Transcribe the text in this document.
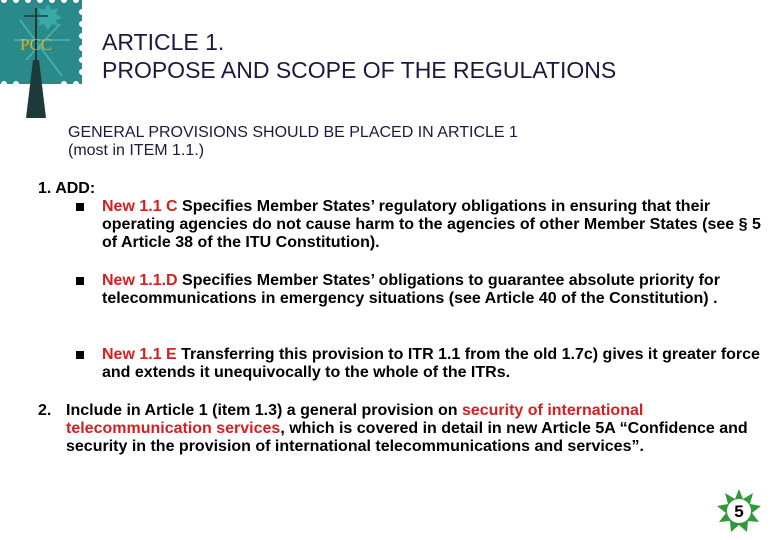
PCC ARTICLE 1.
PROPOSE AND SCOPE OF THE REGULATIONS
GENERAL PROVISIONS SHOULD BE PLACED IN ARTICLE 1
(most in ITEM 1.1.)
1. ADD:
New 1.1 C Specifies Member States’ regulatory obligations in ensuring that their operating agencies do not cause harm to the agencies of other Member States (see § 5 of Article 38 of the ITU Constitution).
New 1.1.D Specifies Member States’ obligations to guarantee absolute priority for telecommunications in emergency situations (see Article 40 of the Constitution) .
New 1.1 E Transferring this provision to ITR 1.1 from the old 1.7c) gives it greater force and extends it unequivocally to the whole of the ITRs.
2. Include in Article 1 (item 1.3) a general provision on security of international telecommunication services, which is covered in detail in new Article 5A “Confidence and security in the provision of international telecommunications and services”.
5
